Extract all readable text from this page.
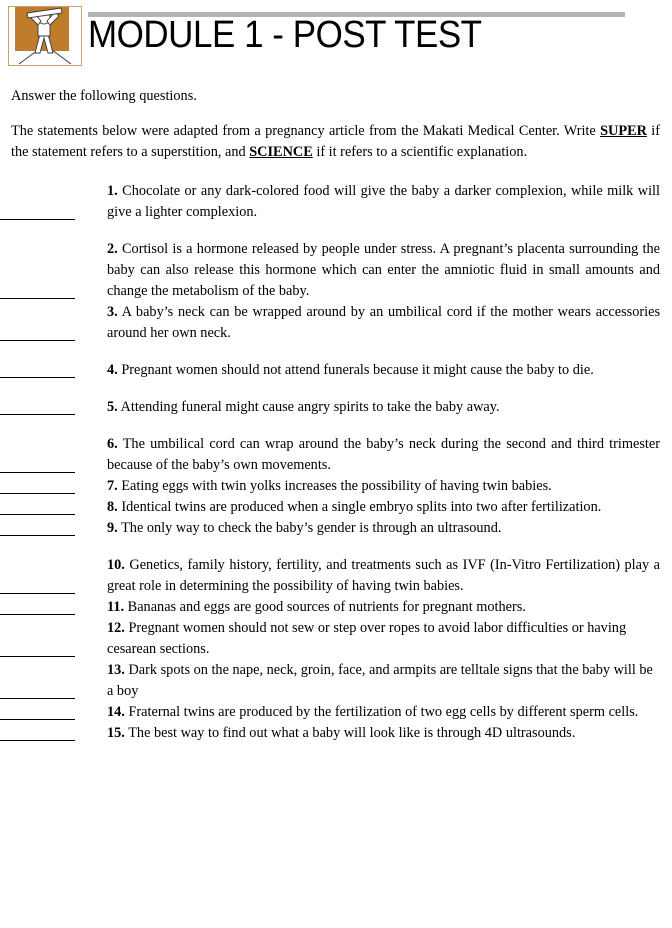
MODULE 1 - POST TEST

Answer the following questions.

The statements below were adapted from a pregnancy article from the Makati Medical Center. Write SUPER if the statement refers to a superstition, and SCIENCE if it refers to a scientific explanation.

1. Chocolate or any dark-colored food will give the baby a darker complexion, while milk will give a lighter complexion.

2. Cortisol is a hormone released by people under stress. A pregnant’s placenta surrounding the baby can also release this hormone which can enter the amniotic fluid in small amounts and change the metabolism of the baby.

3. A baby’s neck can be wrapped around by an umbilical cord if the mother wears accessories around her own neck.

4. Pregnant women should not attend funerals because it might cause the baby to die.

5. Attending funeral might cause angry spirits to take the baby away.

6. The umbilical cord can wrap around the baby’s neck during the second and third trimester because of the baby’s own movements.

7. Eating eggs with twin yolks increases the possibility of having twin babies.

8. Identical twins are produced when a single embryo splits into two after fertilization.

9. The only way to check the baby’s gender is through an ultrasound.

10. Genetics, family history, fertility, and treatments such as IVF (In-Vitro Fertilization) play a great role in determining the possibility of having twin babies.

11. Bananas and eggs are good sources of nutrients for pregnant mothers.

12. Pregnant women should not sew or step over ropes to avoid labor difficulties or having cesarean sections.

13. Dark spots on the nape, neck, groin, face, and armpits are telltale signs that the baby will be a boy

14. Fraternal twins are produced by the fertilization of two egg cells by different sperm cells.

15. The best way to find out what a baby will look like is through 4D ultrasounds.
